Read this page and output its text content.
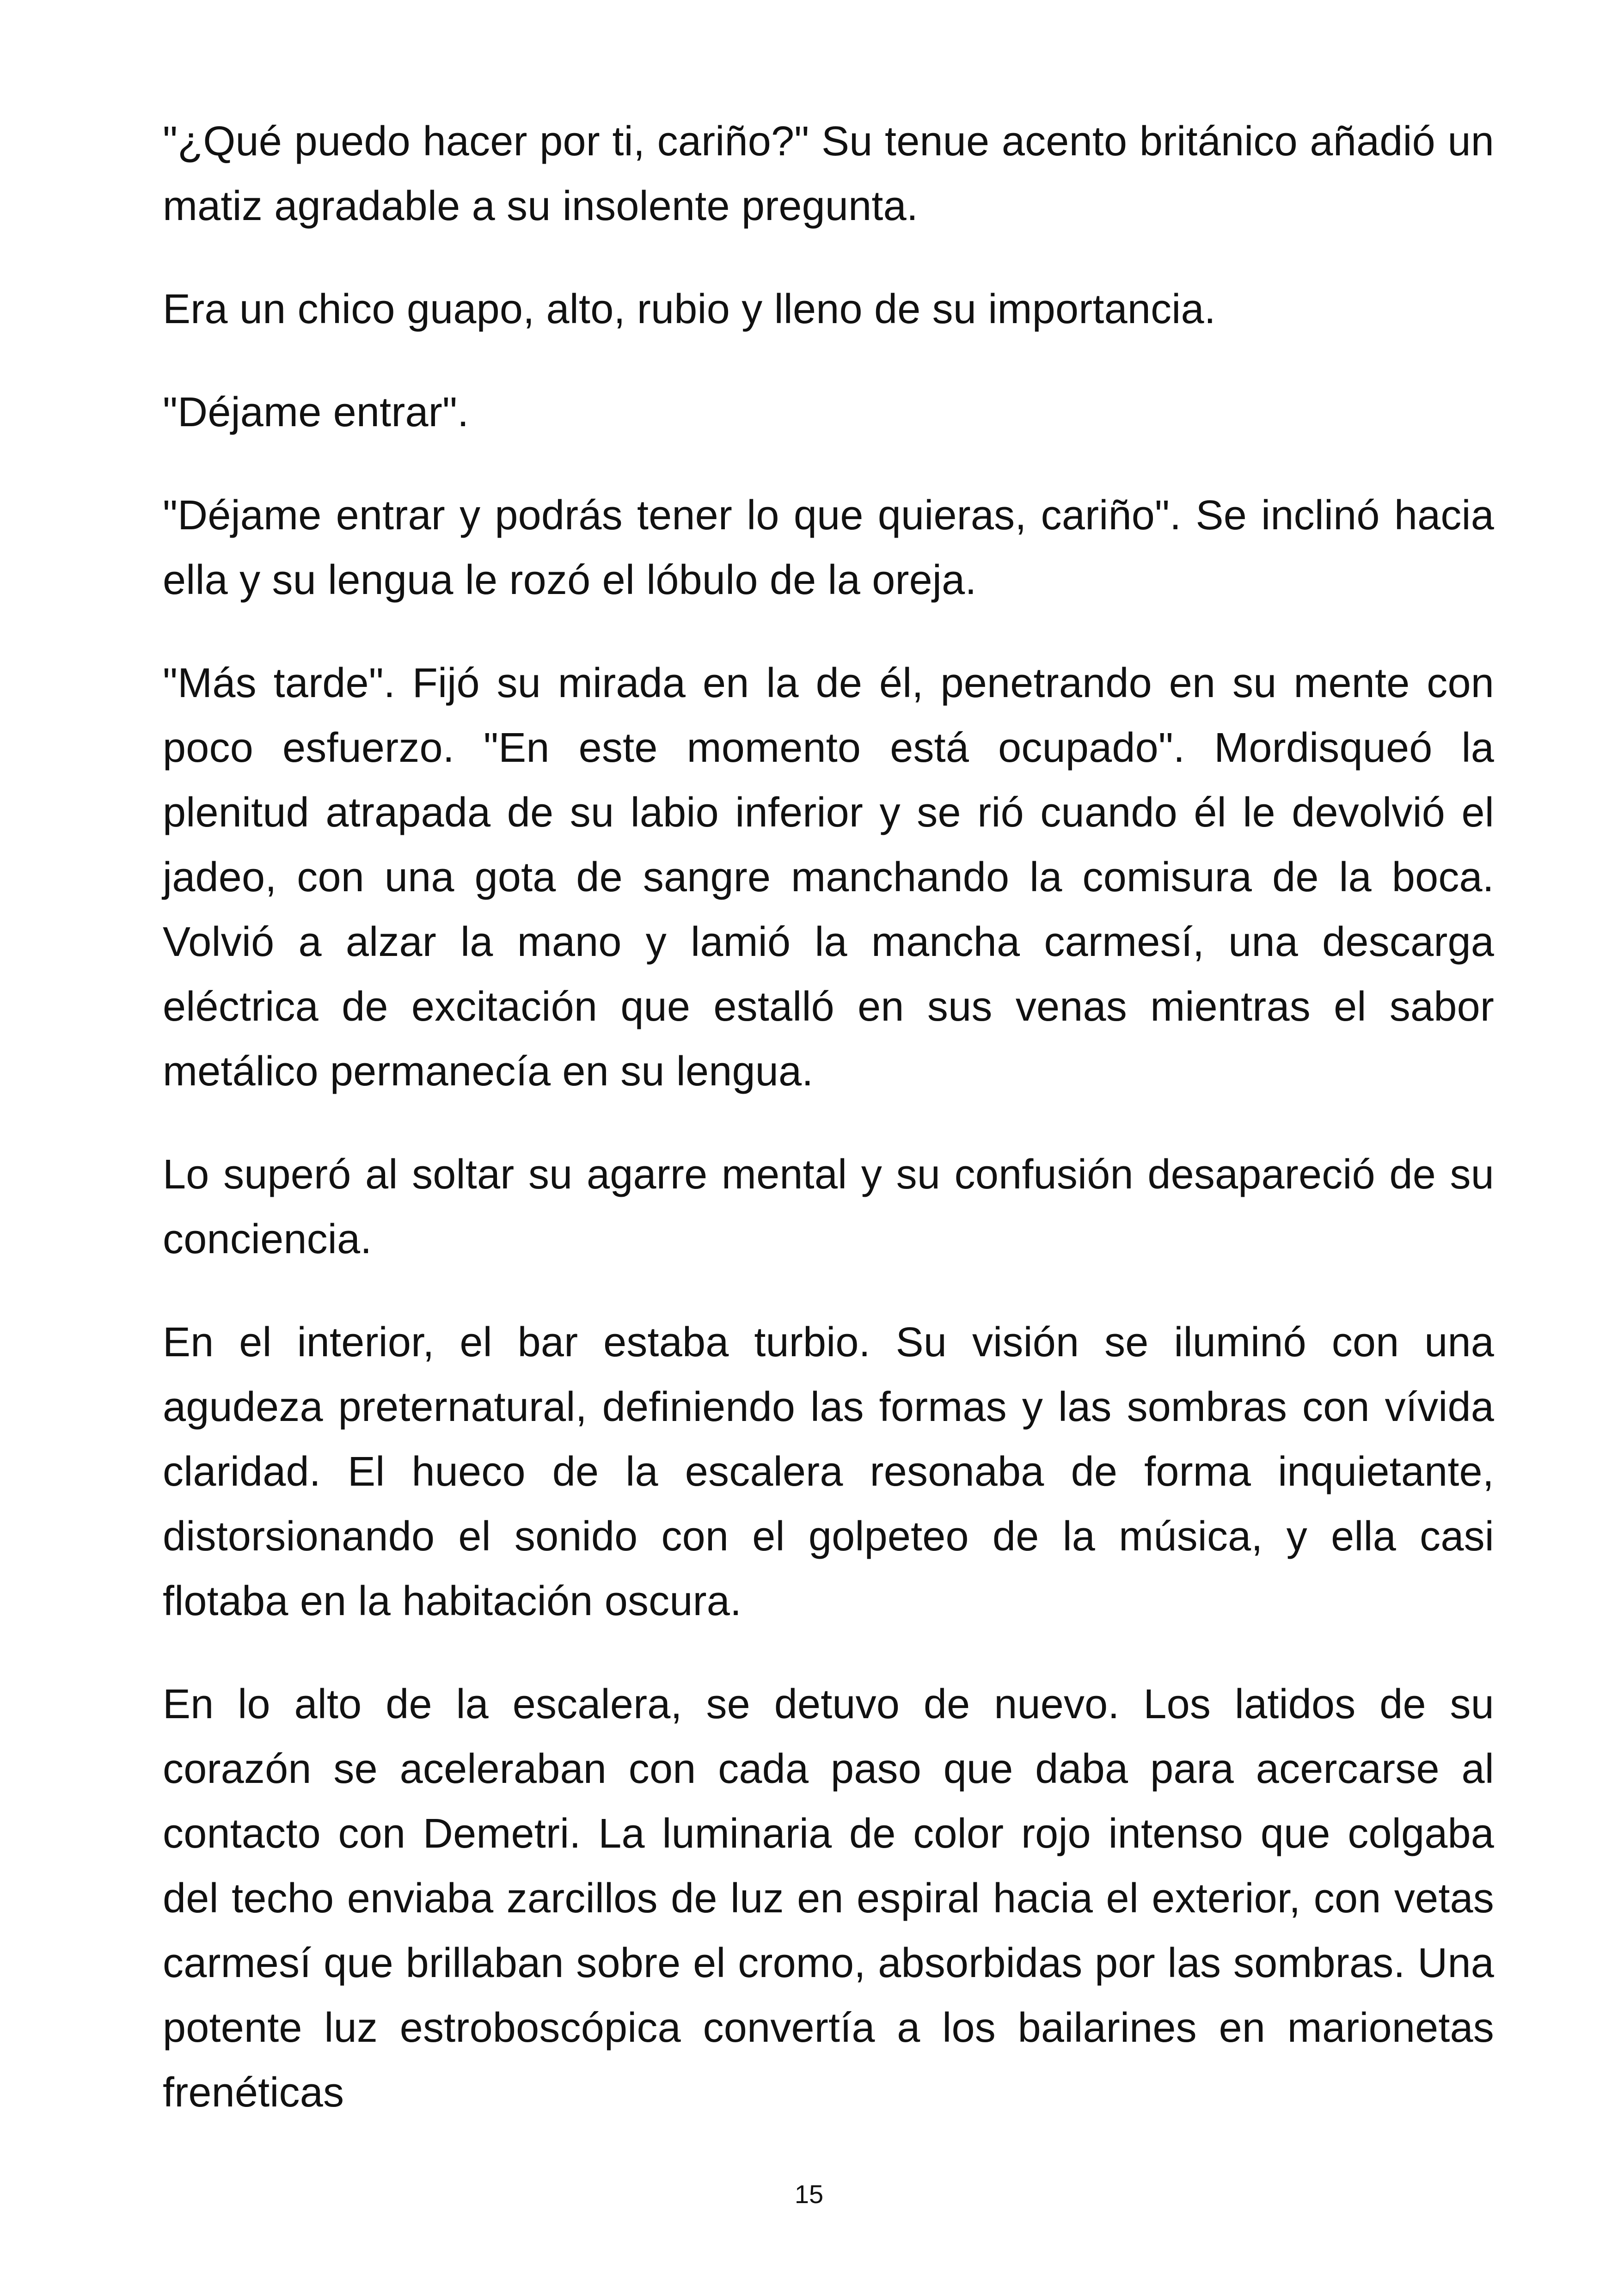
"¿Qué puedo hacer por ti, cariño?" Su tenue acento británico añadió un matiz agradable a su insolente pregunta.

Era un chico guapo, alto, rubio y lleno de su importancia.

"Déjame entrar".

"Déjame entrar y podrás tener lo que quieras, cariño". Se inclinó hacia ella y su lengua le rozó el lóbulo de la oreja.

"Más tarde". Fijó su mirada en la de él, penetrando en su mente con poco esfuerzo. "En este momento está ocupado". Mordisqueó la plenitud atrapada de su labio inferior y se rió cuando él le devolvió el jadeo, con una gota de sangre manchando la comisura de la boca. Volvió a alzar la mano y lamió la mancha carmesí, una descarga eléctrica de excitación que estalló en sus venas mientras el sabor metálico permanecía en su lengua.

Lo superó al soltar su agarre mental y su confusión desapareció de su conciencia.

En el interior, el bar estaba turbio. Su visión se iluminó con una agudeza preternatural, definiendo las formas y las sombras con vívida claridad. El hueco de la escalera resonaba de forma inquietante, distorsionando el sonido con el golpeteo de la música, y ella casi flotaba en la habitación oscura.

En lo alto de la escalera, se detuvo de nuevo. Los latidos de su corazón se aceleraban con cada paso que daba para acercarse al contacto con Demetri. La luminaria de color rojo intenso que colgaba del techo enviaba zarcillos de luz en espiral hacia el exterior, con vetas carmesí que brillaban sobre el cromo, absorbidas por las sombras. Una potente luz estroboscópica convertía a los bailarines en marionetas frenéticas

15
